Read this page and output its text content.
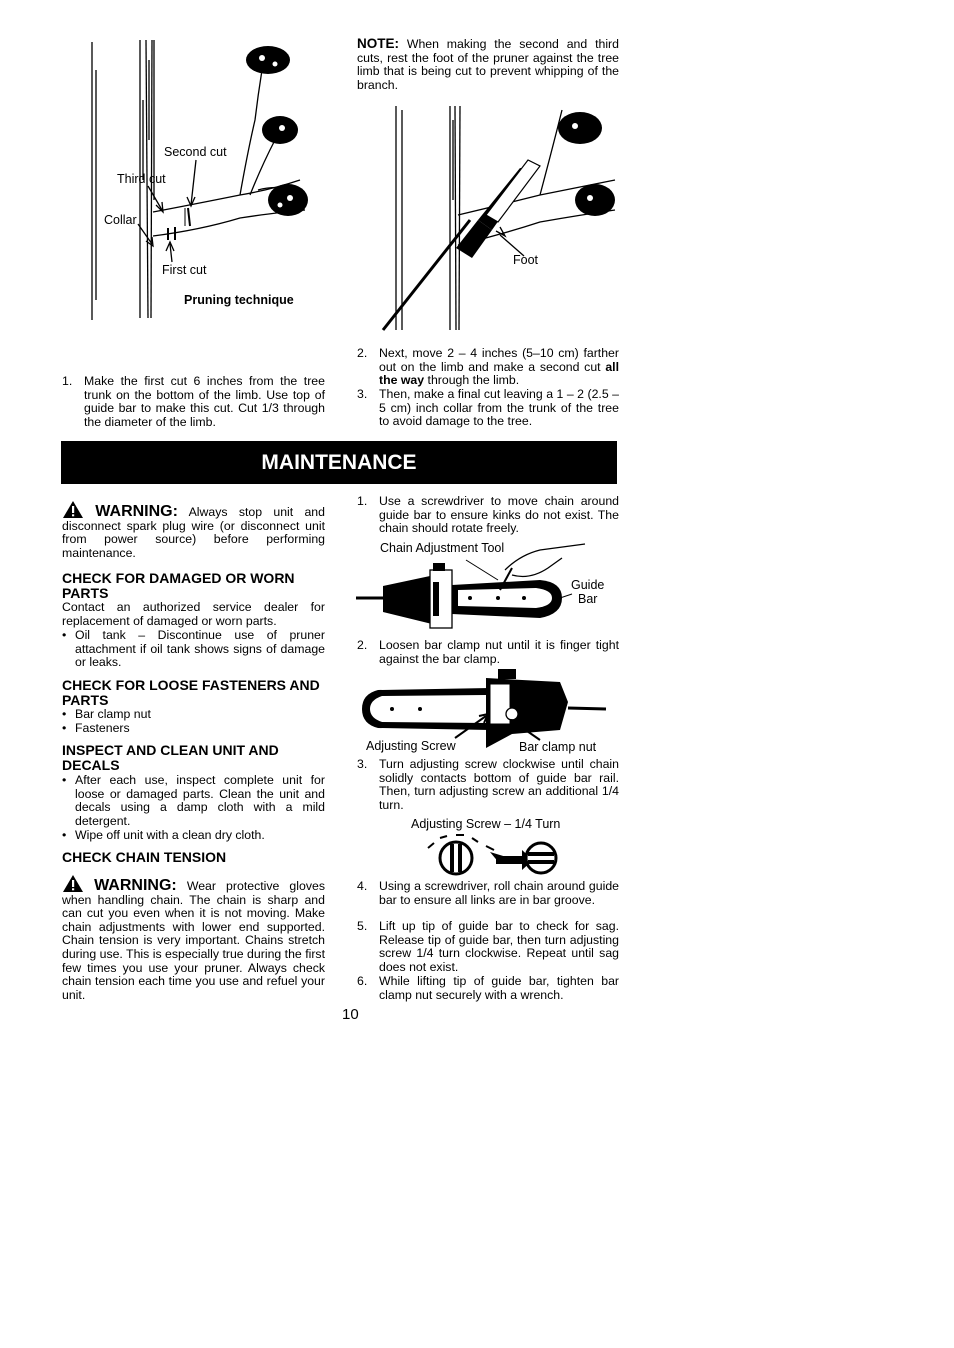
Second cut
Third cut
Collar
First cut
Pruning technique
NOTE: When making the second and third cuts, rest the foot of the pruner against the tree limb that is being cut to prevent whipping of the branch.
Foot
1. Make the first cut 6 inches from the tree trunk on the bottom of the limb. Use top of guide bar to make this cut. Cut 1/3 through the diameter of the limb.
2. Next, move 2 – 4 inches (5–10 cm) farther out on the limb and make a second cut all the way through the limb.
3. Then, make a final cut leaving a 1 – 2 (2.5 – 5 cm) inch collar from the trunk of the tree to avoid damage to the tree.
MAINTENANCE
WARNING: Always stop unit and disconnect spark plug wire (or disconnect unit from power source) before performing maintenance.
CHECK FOR DAMAGED OR WORN PARTS
Contact an authorized service dealer for replacement of damaged or worn parts.
• Oil tank – Discontinue use of pruner attachment if oil tank shows signs of damage or leaks.
CHECK FOR LOOSE FASTENERS AND PARTS
• Bar clamp nut
• Fasteners
INSPECT AND CLEAN UNIT AND DECALS
• After each use, inspect complete unit for loose or damaged parts. Clean the unit and decals using a damp cloth with a mild detergent.
• Wipe off unit with a clean dry cloth.
CHECK CHAIN TENSION
WARNING: Wear protective gloves when handling chain. The chain is sharp and can cut you even when it is not moving. Make chain adjustments with lower end supported. Chain tension is very important. Chains stretch during use. This is especially true during the first few times you use your pruner. Always check chain tension each time you use and refuel your unit.
1. Use a screwdriver to move chain around guide bar to ensure kinks do not exist. The chain should rotate freely.
Chain Adjustment Tool
Guide
Bar
2. Loosen bar clamp nut until it is finger tight against the bar clamp.
Adjusting Screw	Bar clamp nut
3. Turn adjusting screw clockwise until chain solidly contacts bottom of guide bar rail. Then, turn adjusting screw an additional 1/4 turn.
Adjusting Screw – 1/4 Turn
4. Using a screwdriver, roll chain around guide bar to ensure all links are in bar groove.
5. Lift up tip of guide bar to check for sag. Release tip of guide bar, then turn adjusting screw 1/4 turn clockwise. Repeat until sag does not exist.
6. While lifting tip of guide bar, tighten bar clamp nut securely with a wrench.
10
